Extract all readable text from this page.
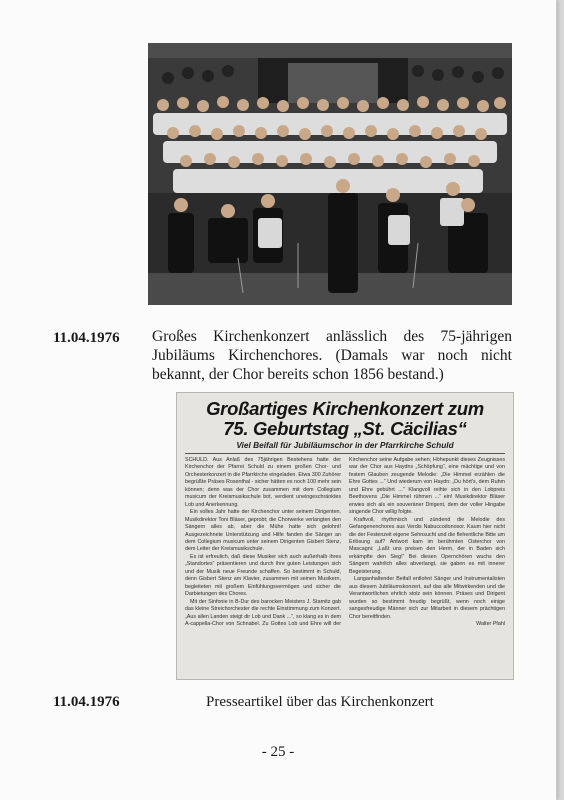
11.04.1976 Großes Kirchenkonzert anlässlich des 75-jährigen Jubiläums Kirchenchores. (Damals war noch nicht bekannt, der Chor bereits schon 1856 bestand.)
Großartiges Kirchenkonzert zum
75. Geburtstag „St. Cäcilias“
Viel Beifall für Jubiläumschor in der Pfarrkirche Schuld

SCHULD. Aus Anlaß des 75jährigen Bestehens hatte der Kirchenchor der Pfarrei Schuld zu einem großen Chor- und Orchesterkonzert in die Pfarrkirche eingeladen. Etwa 300 Zuhörer begrüßte Präses Rosenthal - sicher hätten es noch 100 mehr sein können; denn was der Chor zusammen mit dem Collegium musicum der Kreismusikschule bot, verdient uneingeschränktes Lob und Anerkennung.

Ein volles Jahr hatte der Kirchenchor unter seinem Dirigenten, Musikdirektor Toni Bläser, geprobt; die Chorwerke verlangten den Sängern alles ab, aber die Mühe hatte sich gelohnt! Ausgezeichnete Unterstützung und Hilfe fanden die Sänger an dem Collegium musicum unter seinem Dirigenten Gisbert Stenz, dem Leiter der Kreismusikschule.

Es ist erfreulich, daß diese Musiker sich auch außerhalb ihres „Standortes“ präsentieren und durch ihre guten Leistungen sich und der Musik neue Freunde schaffen. So bestimmt in Schuld, denn Gisbert Stenz am Klavier, zusammen mit seinen Musikern, begleiteten mit großem Einfühlungsvermögen und sicher die Darbietungen des Chores.

Mit der Sinfonie in B-Dur des barocken Meisters J. Stamitz gab das kleine Streichorchester die rechte Einstimmung zum Konzert. „Aus allen Landen steigt dir Lob und Dank ...“, so klang es in dem A-cappella-Chor von Schnabel. Zu Gottes Lob und Ehre will der Kirchenchor seine Aufgabe sehen; Höhepunkt dieses Zeugnisses war der Chor aus Haydns „Schöpfung“, eine mächtige und von festem Glauben zeugende Melodie: „Die Himmel erzählen die Ehre Gottes ...“ Und wiederum von Haydn: „Du hört's, dem Ruhm und Ehre gebührt ...“ Klangvoll reihte sich in den Lobpreis Beethovens „Die Himmel rühmen ...“ ein! Musikdirektor Bläser erwies sich als ein souveräner Dirigent, dem der voller Hingabe singende Chor willig folgte.

Kraftvoll, rhythmisch und zündend die Melodie des Gefangenenchores aus Verdis Nabuccodonosor. Kaum hier nicht die der Festenzeit eigene Sehnsucht und die flehentliche Bitte um Erlösung auf? Antwort kam im berühmten Osterchor von Mascagni: „Laßt uns preisen den Herrn, der in Baden sich erkämpfte den Sieg!“ Bei diesen Opernchören wuchs den Sängern wahrlich alles abverlangt, sie gaben es mit innerer Begeisterung.

Langanhaltender Beifall entlohnt Sänger und Instrumentalisten aus diesem Jubiläumskonzert, auf das alle Mitwirkenden und die Verantwortlichen ehrlich stolz sein können. Präses und Dirigent wurden so bestimmt freudig begrüßt, wenn noch einige sangesfreudige Männer sich zur Mitarbeit in diesem prächtigen Chor bereitfinden.

Walter Pfahl

11.04.1976	Presseartikel über das Kirchenkonzert
- 25 -
